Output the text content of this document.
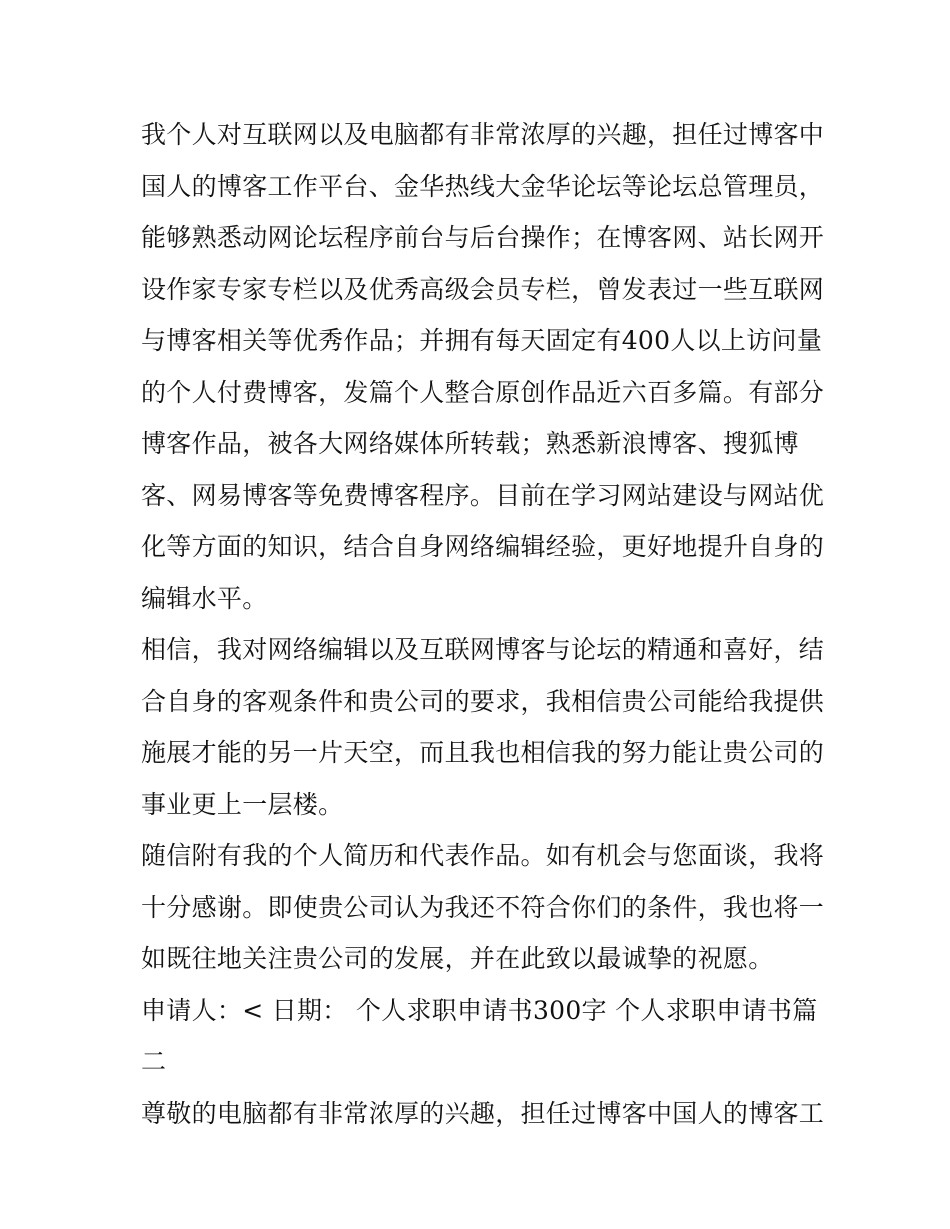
我个人对互联网以及电脑都有非常浓厚的兴趣，担任过博客中国人的博客工作平台、金华热线大金华论坛等论坛总管理员，能够熟悉动网论坛程序前台与后台操作；在博客网、站长网开设作家专家专栏以及优秀高级会员专栏，曾发表过一些互联网与博客相关等优秀作品；并拥有每天固定有400人以上访问量的个人付费博客，发篇个人整合原创作品近六百多篇。有部分博客作品，被各大网络媒体所转载；熟悉新浪博客、搜狐博客、网易博客等免费博客程序。目前在学习网站建设与网站优化等方面的知识，结合自身网络编辑经验，更好地提升自身的编辑水平。

相信，我对网络编辑以及互联网博客与论坛的精通和喜好，结合自身的客观条件和贵公司的要求，我相信贵公司能给我提供施展才能的另一片天空，而且我也相信我的努力能让贵公司的事业更上一层楼。

随信附有我的个人简历和代表作品。如有机会与您面谈，我将十分感谢。即使贵公司认为我还不符合你们的条件，我也将一如既往地关注贵公司的发展，并在此致以最诚挚的祝愿。

申请人：< 日期： 个人求职申请书300字 个人求职申请书篇二

尊敬的电脑都有非常浓厚的兴趣，担任过博客中国人的博客工
